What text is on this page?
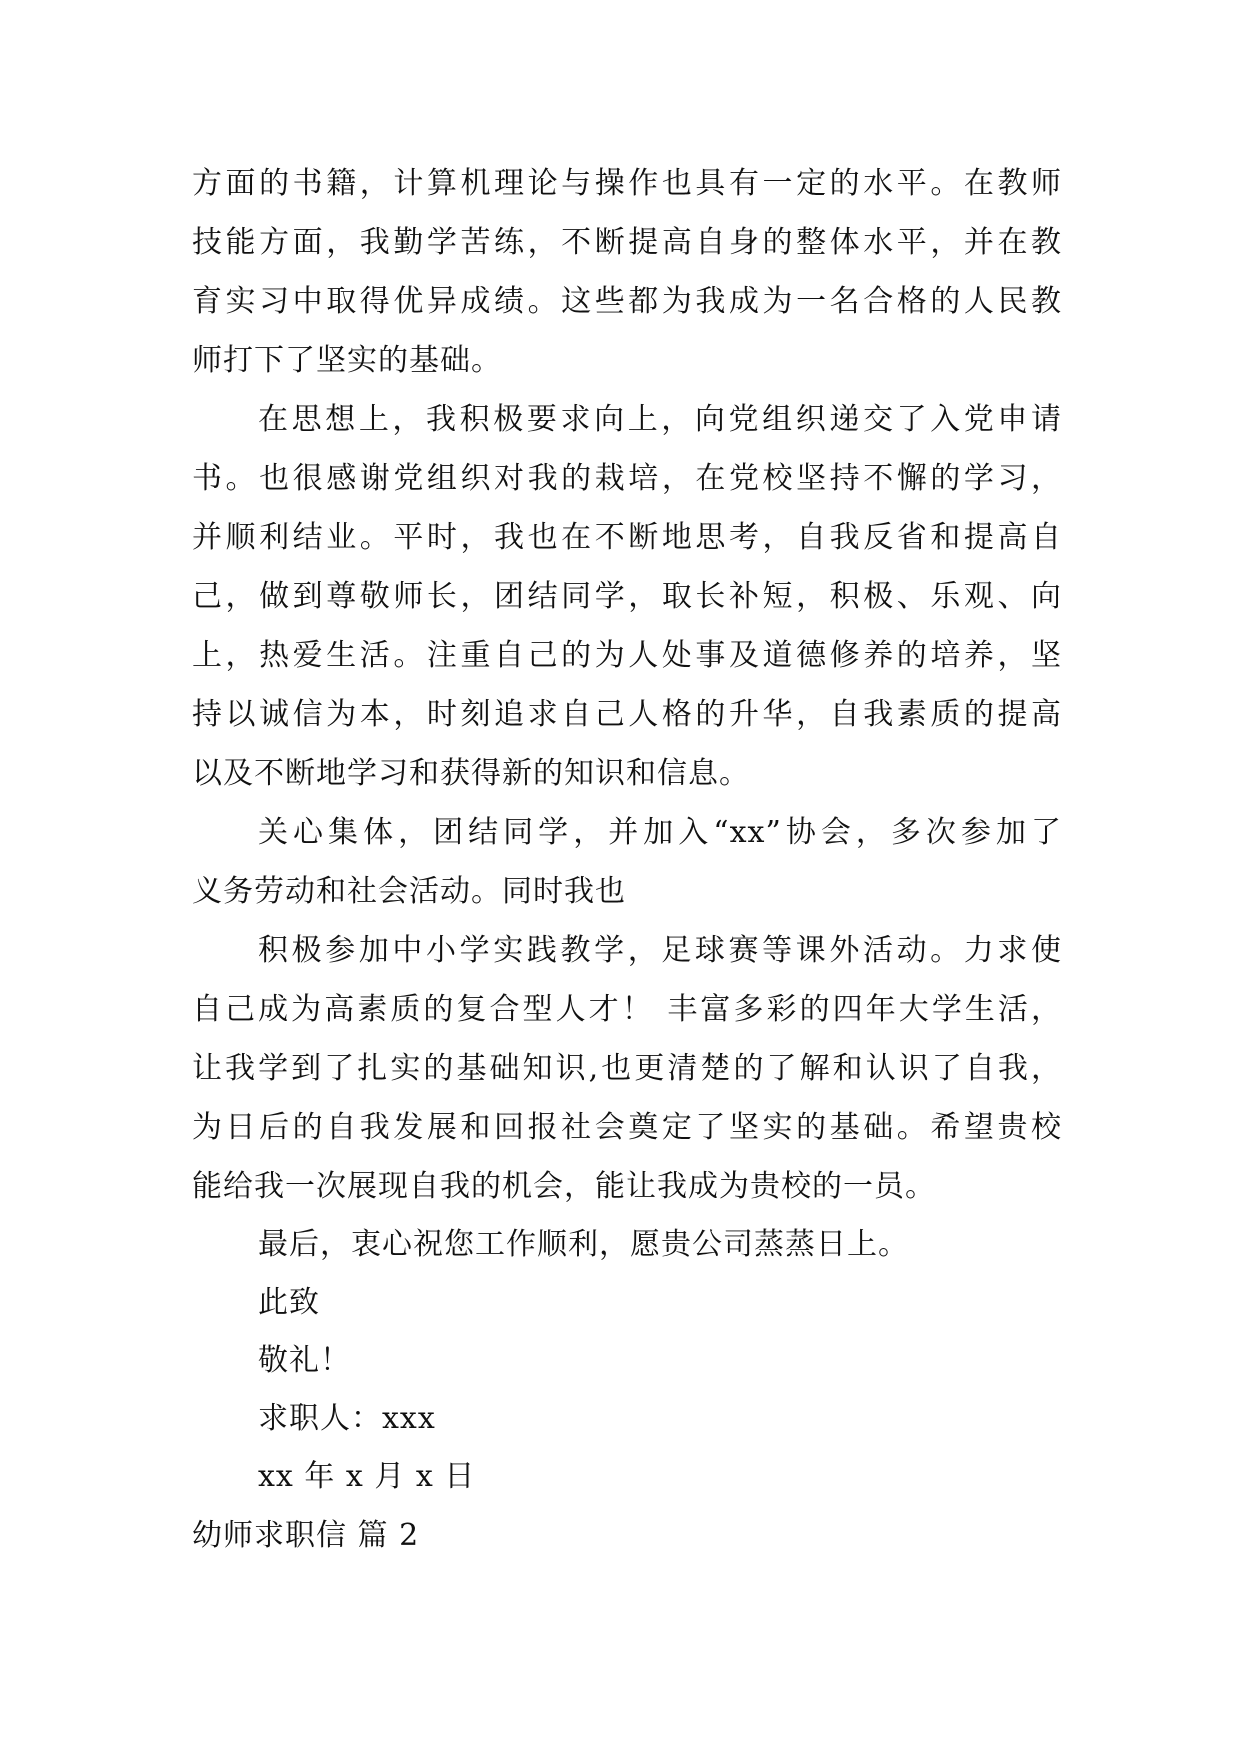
方面的书籍，计算机理论与操作也具有一定的水平。在教师
技能方面，我勤学苦练，不断提高自身的整体水平，并在教
育实习中取得优异成绩。这些都为我成为一名合格的人民教
师打下了坚实的基础。
在思想上，我积极要求向上，向党组织递交了入党申请
书。也很感谢党组织对我的栽培，在党校坚持不懈的学习，
并顺利结业。平时，我也在不断地思考，自我反省和提高自
己，做到尊敬师长，团结同学，取长补短，积极、乐观、向
上，热爱生活。注重自己的为人处事及道德修养的培养，坚
持以诚信为本，时刻追求自己人格的升华，自我素质的提高
以及不断地学习和获得新的知识和信息。
关心集体，团结同学，并加入“xx”协会，多次参加了
义务劳动和社会活动。同时我也
积极参加中小学实践教学，足球赛等课外活动。力求使
自己成为高素质的复合型人才！ 丰富多彩的四年大学生活，
让我学到了扎实的基础知识,也更清楚的了解和认识了自我，
为日后的自我发展和回报社会奠定了坚实的基础。希望贵校
能给我一次展现自我的机会，能让我成为贵校的一员。
最后，衷心祝您工作顺利，愿贵公司蒸蒸日上。
此致
敬礼！
求职人：xxx
xx 年 x 月 x 日
幼师求职信 篇 2
